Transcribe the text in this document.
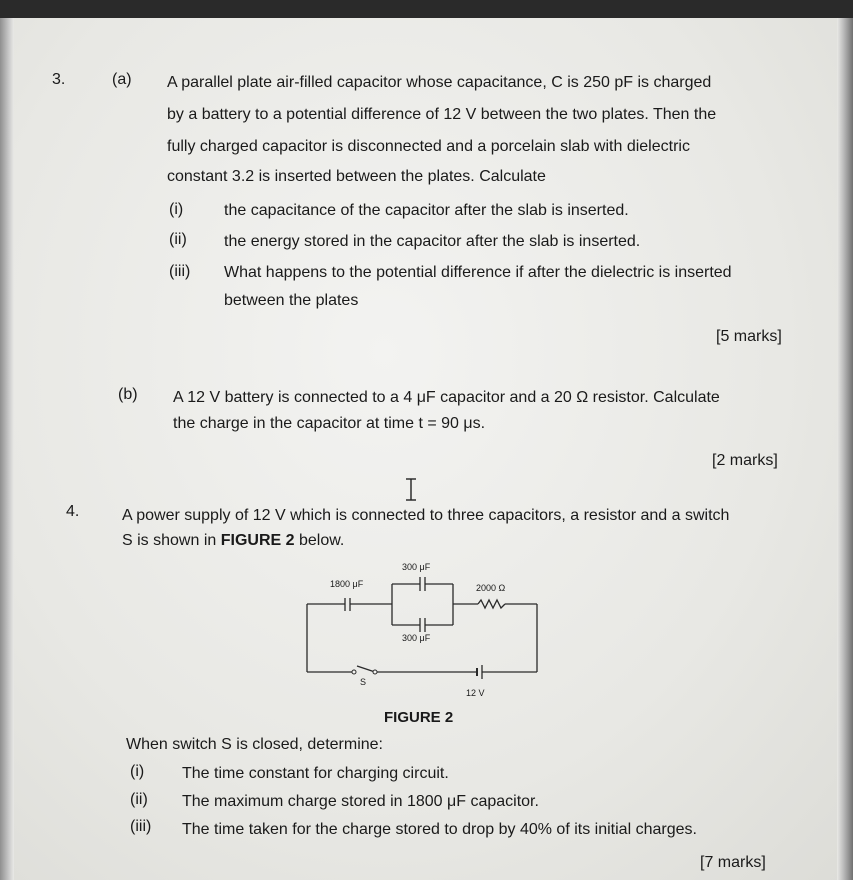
3.	(a) A parallel plate air-filled capacitor whose capacitance, C is 250 pF is charged
by a battery to a potential difference of 12 V between the two plates. Then the
fully charged capacitor is disconnected and a porcelain slab with dielectric
constant 3.2 is inserted between the plates. Calculate
(i)	the capacitance of the capacitor after the slab is inserted.
(ii) the energy stored in the capacitor after the slab is inserted.
(iii) What happens to the potential difference if after the dielectric is inserted
between the plates
[5 marks]
(b) A 12 V battery is connected to a 4 μF capacitor and a 20 Ω resistor. Calculate
the charge in the capacitor at time t = 90 μs.
[2 marks]
4.	A power supply of 12 V which is connected to three capacitors, a resistor and a switch
S is shown in FIGURE 2 below.
300 μF
1800 μF	2000 Ω
300 μF
S
12 V
FIGURE 2
When switch S is closed, determine:
(i) The time constant for charging circuit.
(ii) The maximum charge stored in 1800 μF capacitor.
(iii) The time taken for the charge stored to drop by 40% of its initial charges.
[7 marks]
